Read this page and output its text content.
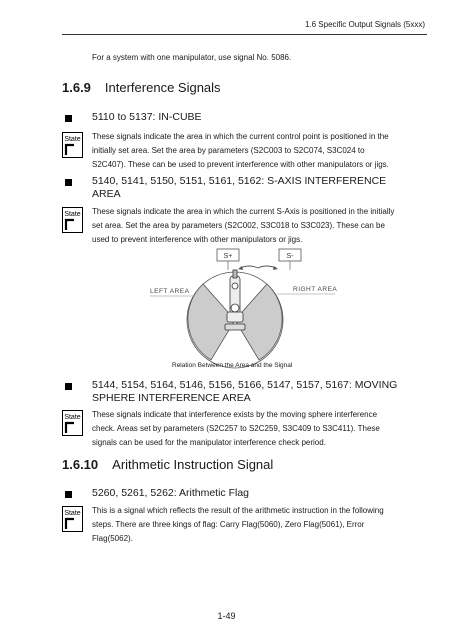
1.6 Specific Output Signals (5xxx)
For a system with one manipulator, use signal No. 5086.
1.6.9 Interference Signals
5110 to 5137: IN-CUBE
State These signals indicate the area in which the current control point is positioned in the
initially set area. Set the area by parameters (S2C003 to S2C074, S3C024 to
S2C407). These can be used to prevent interference with other manipulators or jigs.
5140, 5141, 5150, 5151, 5161, 5162: S-AXIS INTERFERENCE
AREA
State These signals indicate the area in which the current S-Axis is positioned in the initially
set area. Set the area by parameters (S2C002, S3C018 to S3C023). These can be
used to prevent interference with other manipulators or jigs.
S+	S-
LEFT AREA	RIGHT AREA
Relation Between the Area and the Signal
5144, 5154, 5164, 5146, 5156, 5166, 5147, 5157, 5167: MOVING
SPHERE INTERFERENCE AREA
State These signals indicate that interference exists by the moving sphere interference
check. Areas set by parameters (S2C257 to S2C259, S3C409 to S3C411). These
signals can be used for the manipulator interference check period.
1.6.10 Arithmetic Instruction Signal
5260, 5261, 5262: Arithmetic Flag
State This is a signal which reflects the result of the arithmetic instruction in the following
steps. There are three kings of flag: Carry Flag(5060), Zero Flag(5061), Error
Flag(5062).
1-49
